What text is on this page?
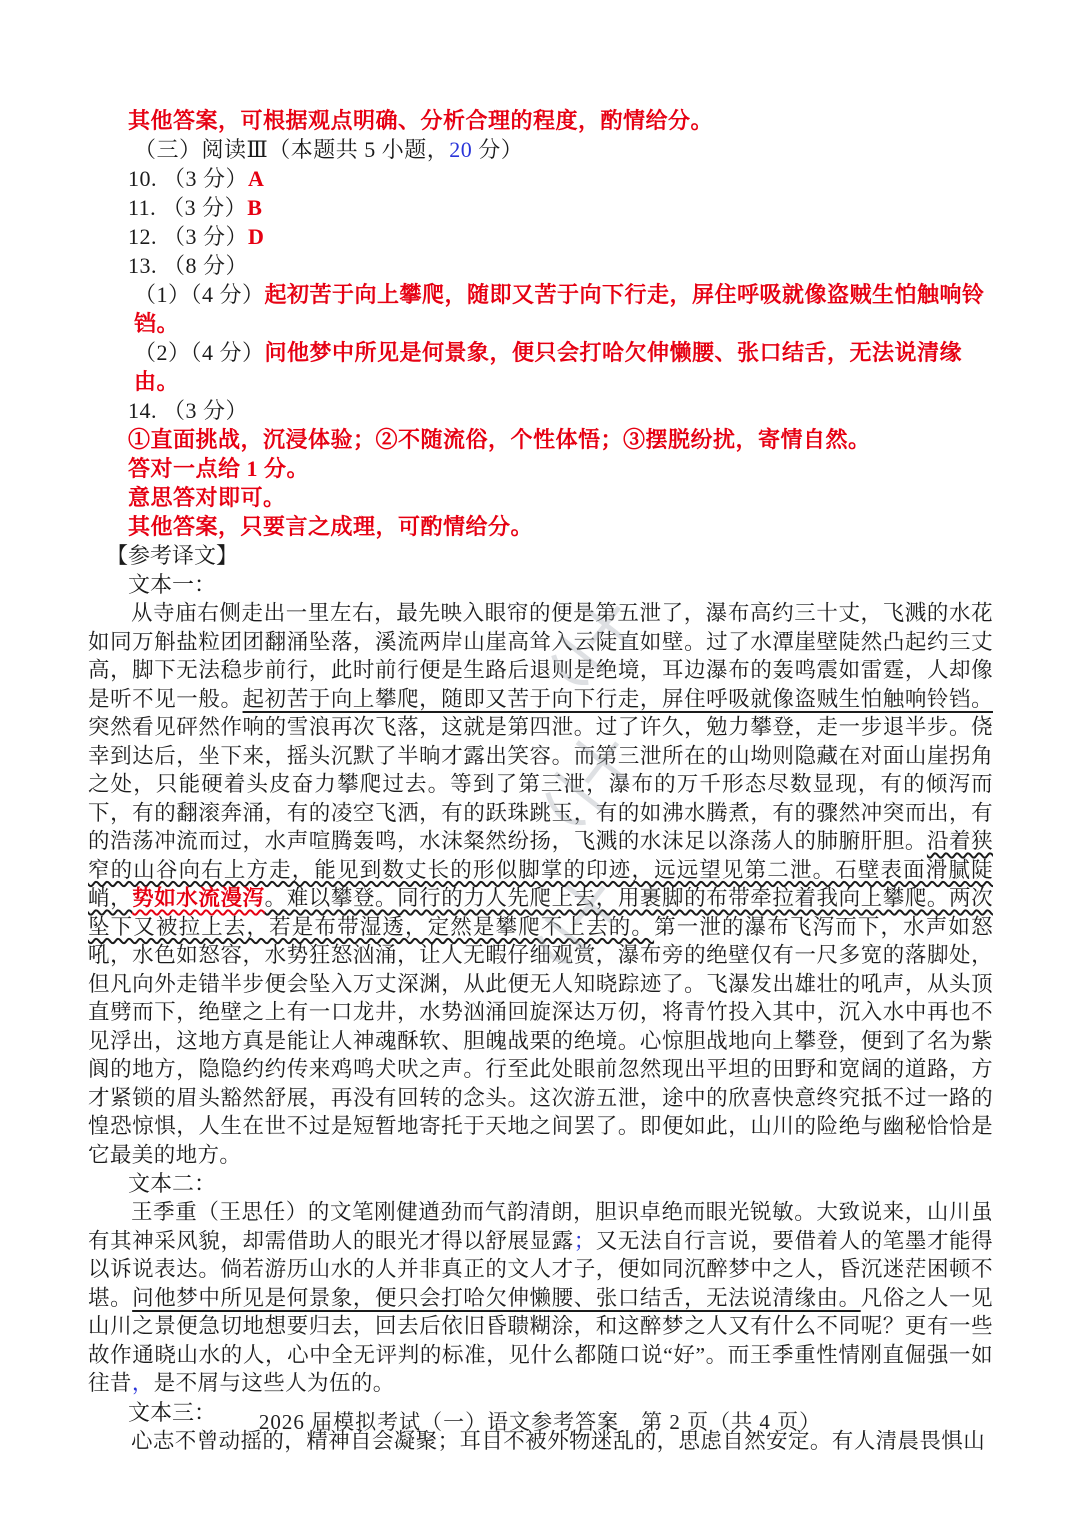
其他答案，可根据观点明确、分析合理的程度，酌情给分。

（三）阅读Ⅲ（本题共 5 小题，20 分）

10. （3 分）A

11. （3 分）B

12. （3 分）D

13. （8 分）

（1）（4 分）起初苦于向上攀爬，随即又苦于向下行走，屏住呼吸就像盗贼生怕触响铃铛。

（2）（4 分）问他梦中所见是何景象，便只会打哈欠伸懒腰、张口结舌，无法说清缘由。

14. （3 分）

①直面挑战，沉浸体验；②不随流俗，个性体悟；③摆脱纷扰，寄情自然。

答对一点给 1 分。

意思答对即可。

其他答案，只要言之成理，可酌情给分。

【参考译文】

文本一：

从寺庙右侧走出一里左右，最先映入眼帘的便是第五泄了，瀑布高约三十丈，飞溅的水花如同万斛盐粒团团翻涌坠落，溪流两岸山崖高耸入云陡直如壁。过了水潭崖壁陡然凸起约三丈高，脚下无法稳步前行，此时前行便是生路后退则是绝境，耳边瀑布的轰鸣震如雷霆，人却像是听不见一般。起初苦于向上攀爬，随即又苦于向下行走，屏住呼吸就像盗贼生怕触响铃铛。突然看见砰然作响的雪浪再次飞落，这就是第四泄。过了许久，勉力攀登，走一步退半步。侥幸到达后，坐下来，摇头沉默了半晌才露出笑容。而第三泄所在的山坳则隐藏在对面山崖拐角之处，只能硬着头皮奋力攀爬过去。等到了第三泄，瀑布的万千形态尽数显现，有的倾泻而下，有的翻滚奔涌，有的凌空飞洒，有的跃珠跳玉，有的如沸水腾煮，有的骤然冲突而出，有的浩荡冲流而过，水声喧腾轰鸣，水沫粲然纷扬，飞溅的水沫足以涤荡人的肺腑肝胆。沿着狭窄的山谷向右上方走，能见到数丈长的形似脚掌的印迹，远远望见第二泄。石壁表面滑腻陡峭，势如水流漫泻。难以攀登。同行的力人先爬上去，用裹脚的布带牵拉着我向上攀爬。两次坠下又被拉上去，若是布带湿透，定然是攀爬不上去的。第一泄的瀑布飞泻而下，水声如怒吼，水色如怒容，水势狂怒汹涌，让人无暇仔细观赏，瀑布旁的绝壁仅有一尺多宽的落脚处，但凡向外走错半步便会坠入万丈深渊，从此便无人知晓踪迹了。飞瀑发出雄壮的吼声，从头顶直劈而下，绝壁之上有一口龙井，水势汹涌回旋深达万仞，将青竹投入其中，沉入水中再也不见浮出，这地方真是能让人神魂酥软、胆魄战栗的绝境。心惊胆战地向上攀登，便到了名为紫阆的地方，隐隐约约传来鸡鸣犬吠之声。行至此处眼前忽然现出平坦的田野和宽阔的道路，方才紧锁的眉头豁然舒展，再没有回转的念头。这次游五泄，途中的欣喜快意终究抵不过一路的惶恐惊惧，人生在世不过是短暂地寄托于天地之间罢了。即便如此，山川的险绝与幽秘恰恰是它最美的地方。

文本二：

王季重（王思任）的文笔刚健遒劲而气韵清朗，胆识卓绝而眼光锐敏。大致说来，山川虽有其神采风貌，却需借助人的眼光才得以舒展显露；又无法自行言说，要借着人的笔墨才能得以诉说表达。倘若游历山水的人并非真正的文人才子，便如同沉醉梦中之人，昏沉迷茫困顿不堪。问他梦中所见是何景象，便只会打哈欠伸懒腰、张口结舌，无法说清缘由。凡俗之人一见山川之景便急切地想要归去，回去后依旧昏聩糊涂，和这醉梦之人又有什么不同呢？更有一些故作通晓山水的人，心中全无评判的标准，见什么都随口说“好”。而王季重性情刚直倔强一如往昔，是不屑与这些人为伍的。

文本三：

心志不曾动摇的，精神自会凝聚；耳目不被外物迷乱的，思虑自然安定。有人清晨畏惧山

2026 届模拟考试（一）语文参考答案　第 2 页（共 4 页）
